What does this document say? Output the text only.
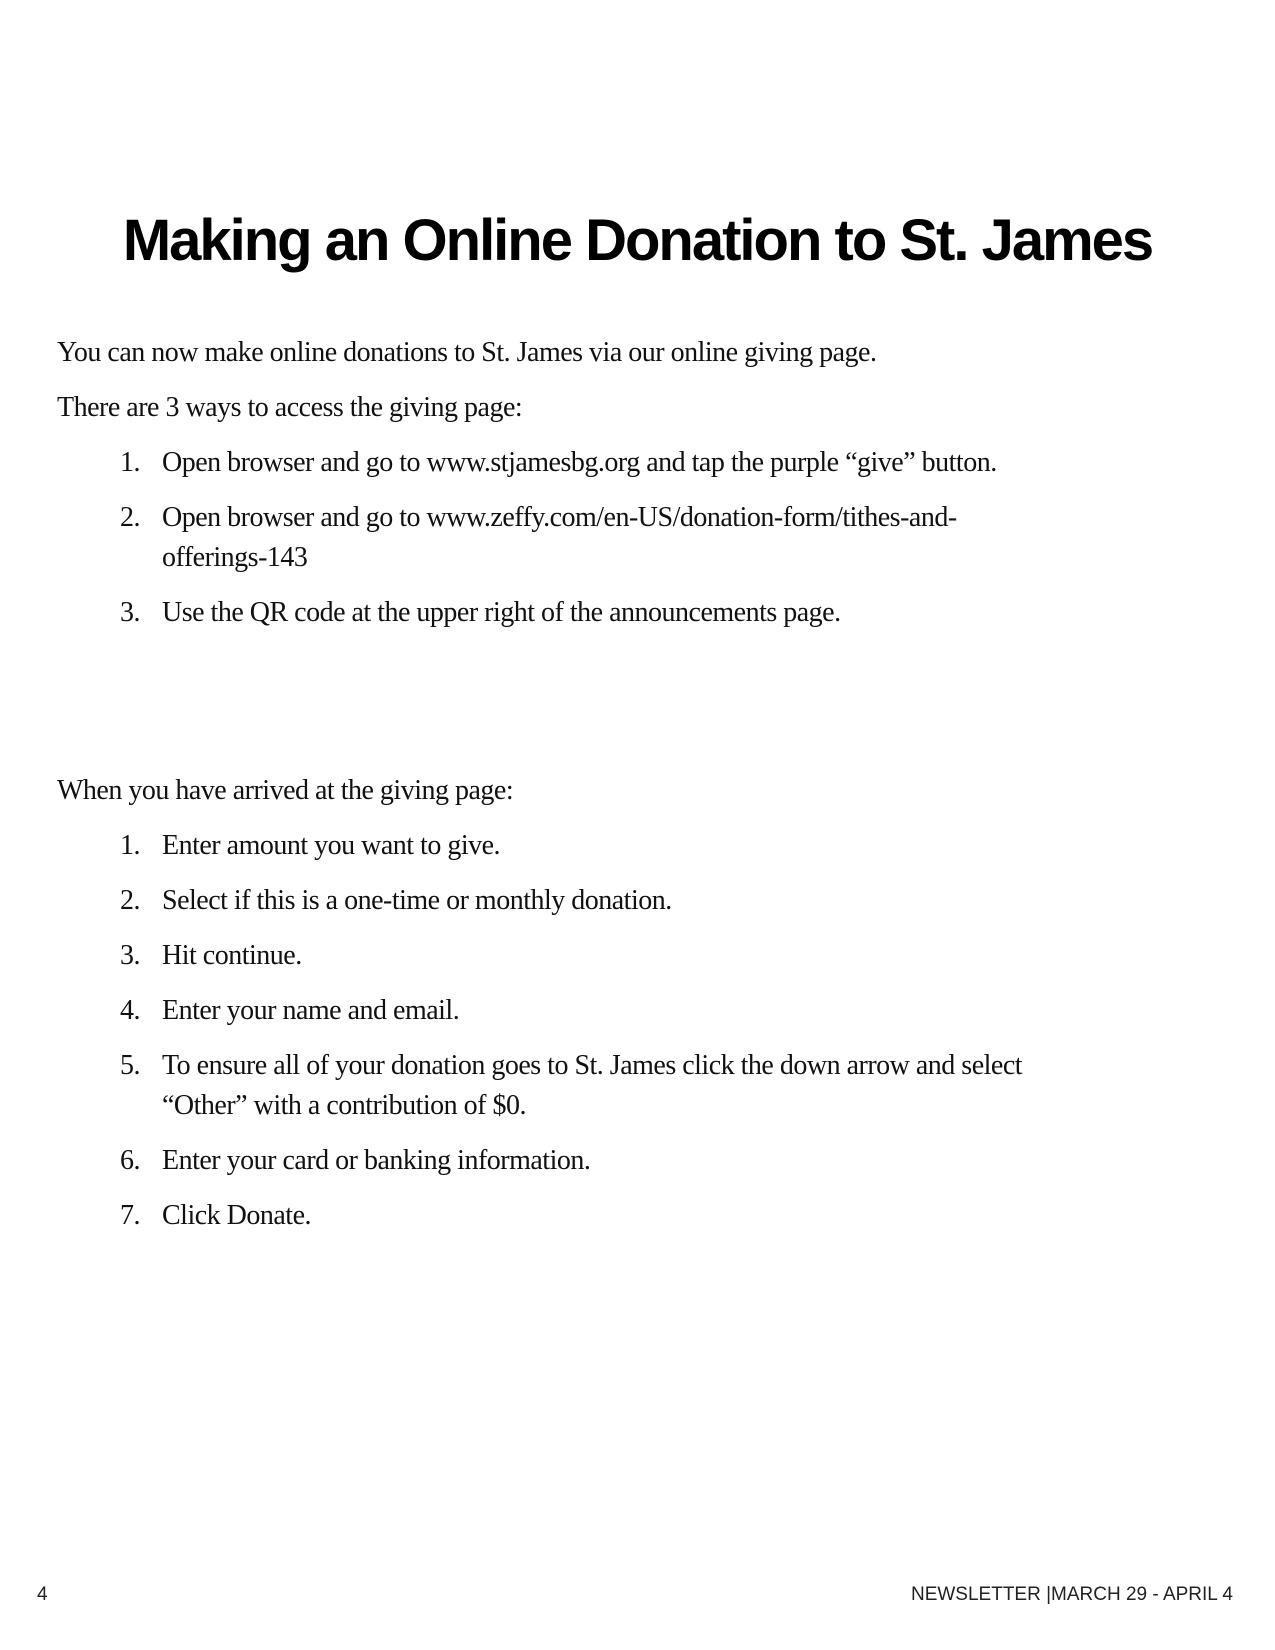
Making an Online Donation to St. James

You can now make online donations to St. James via our online giving page.

There are 3 ways to access the giving page:

1. Open browser and go to www.stjamesbg.org and tap the purple “give” button.
2. Open browser and go to www.zeffy.com/en-US/donation-form/tithes-and-
offerings-143
3. Use the QR code at the upper right of the announcements page.

When you have arrived at the giving page:

1. Enter amount you want to give.
2. Select if this is a one-time or monthly donation.
3. Hit continue.
4. Enter your name and email.
5. To ensure all of your donation goes to St. James click the down arrow and select
“Other” with a contribution of $0.
6. Enter your card or banking information.
7. Click Donate.
4	NEWSLETTER |MARCH 29 - APRIL 4
